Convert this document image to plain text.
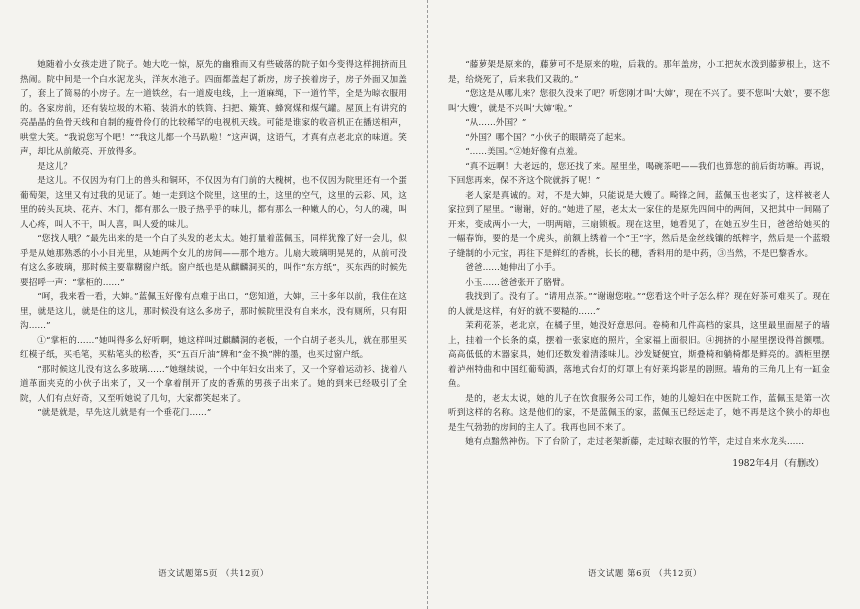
她随着小女孩走进了院子。她大吃一惊，原先的幽雅而又有些破落的院子如今变得这样拥挤而且热闹。院中间是一个白水泥龙头，洋灰水池子。四面都盖起了新房，房子挨着房子，房子外面又加盖了，套上了简易的小房子。左一道铁丝，右一道废电线，上一道麻绳，下一道竹竿，全是为晾衣服用的。各家房前，还有装垃圾的木箱、装消水的铁筒、扫把、簸箕、蜂窝煤和煤气罐。屋顶上有讲究的亮晶晶的鱼骨天线和自制的瘦骨伶仃的比较稀罕的电视机天线。可能是谁家的收音机正在播送相声，哄堂大笑。“我说您写个吧！”“我这儿都一个马趴啦！”这声调，这语气，才真有点老北京的味道。笑声，却比从前敞亮、开放得多。

是这儿？

是这儿。不仅因为有门上的兽头和铜环，不仅因为有门前的大槐树，也不仅因为院里还有一个蛋葡萄架，这里又有过我的见证了。她一走到这个院里，这里的土，这里的空气，这里的云彩、风，这里的砖头瓦块、花卉、木门，都有那么一股子热乎乎的味儿，都有那么一种嫩人的心，匀人的魂，叫人心疼，叫人不干，叫人喜，叫人爱的味儿。

“您找人哦？”最先出来的是一个白了头发的老太太。她打量着蓝佩玉，同样犹豫了好一会儿，似乎是从她那熟悉的小小目光里，从她两个女儿的房间——那个地方。儿扇大玻璃明晃晃的，从前可没有这么多玻璃，那时候主要靠糊窗户纸。窗户纸也是从麒麟洞买的，叫作“东方纸”，买东西的时候先要招呼一声：“掌柜的……”

“呵，我来看一看，大婶。”蓝佩玉好像有点难于出口，“您知道，大婶，三十多年以前，我住在这里，就是这儿，就是住的这儿，那时候没有这么多房子，那时候院里没有自来水，没有厕所，只有阳沟……”

①“掌柜的……”她叫得多么好听啊，她这样叫过麒麟洞的老板，一个白胡子老头儿，就在那里买红模子纸，买毛笔，买粘笔头的松香，买“五百斤油”牌和“金不换”牌的墨，也买过窗户纸。

“那时候这儿没有这么多玻璃……”她继续说，一个中年妇女出来了，又一个穿着运动衫、拢着八道革面夹克的小伙子出来了，又一个拿着削开了皮的香蕉的男孩子出来了。她的到来已经吸引了全院，人们有点好奇，又至听她说了几句，大家都笑起来了。

“就是就是，早先这儿就是有一个垂花门……”

语文试题第5页 （共12页）

“藤萝架是原来的，藤萝可不是原来的啦，后栽的。那年盖房，小工把灰水泼到藤萝根上，这不是，给烧死了，后来我们又栽的。”

“您这是从哪儿来？您很久没来了吧？听您刚才叫‘大婶’，现在不兴了。要不您叫‘大娘’，要不您叫‘大嫂’，就是不兴叫‘大婶’啦。”

“从……外国？”

“外国？哪个国？”小伙子的眼睛亮了起来。

“……美国。”②她好像有点羞。

“真不远啊！大老远的，您还找了来。屋里坐，喝碗茶吧——我们也算您的前后街坊嘛。再说，下回您再来，保不齐这个院就拆了呢！”

老人家是真诚的。对，不是大婶，只能说是大嫂了。畸锋之间，蓝佩玉也老实了，这样被老人家拉到了屋里。“谢谢，好的。”她进了屋，老太太一家住的是原先四间中的两间，又把其中一间隔了开来，变成两小一大，一明两暗，三扇锁板。现在这里，她看见了，在她五岁生日，爸爸给她买的一幅春饰，要的是一个虎头，前额上绣着一个“王”字，然后是金丝线镶的纸粹字，然后是一个蓝缎子缝制的小元宝，再往下是鲜红的香桃，长长的穗，香料用的是中药，③当然，不是巴黎香水。

爸爸……她伸出了小手。

小玉……爸爸张开了胳臂。

我找到了。没有了。“请用点茶。”“谢谢您啦。”“您看这个叶子怎么样？现在好茶可难买了。现在的人就是这样，有好的就不要糙的……”

茉莉花茶，老北京，在橘子里，她没好意思问。卷椅和几件高档的家具，这里最里面屋子的墙上，挂着一个长条的桌，摆着一张家庭的照片，全家福上面很旧。④拥挤的小屋里摆设得首颤嘿。高高低低的木器家具，她们还数发着清漆味儿。沙发疑便宜，斯叠椅和躺椅都是鲜亮的。酒柜里摆着泸州特曲和中国红葡萄酒，落地式台灯的灯罩上有好莱坞影星的剧照。墙角的三角几上有一缸金鱼。

是的，老太太说，她的儿子在饮食服务公司工作，她的儿媳妇在中医院工作，蓝佩玉是第一次听到这样的名称。这是他们的家，不是蓝佩玉的家，蓝佩玉已经远走了，她不再是这个狭小的却也是生气勃勃的房间的主人了。我再也回不来了。

她有点黯然神伤。下了台阶了，走过老架新藤，走过晾衣服的竹竿，走过自来水龙头……

1982年4月（有删改）

语文试题 第6页 （共12页）
